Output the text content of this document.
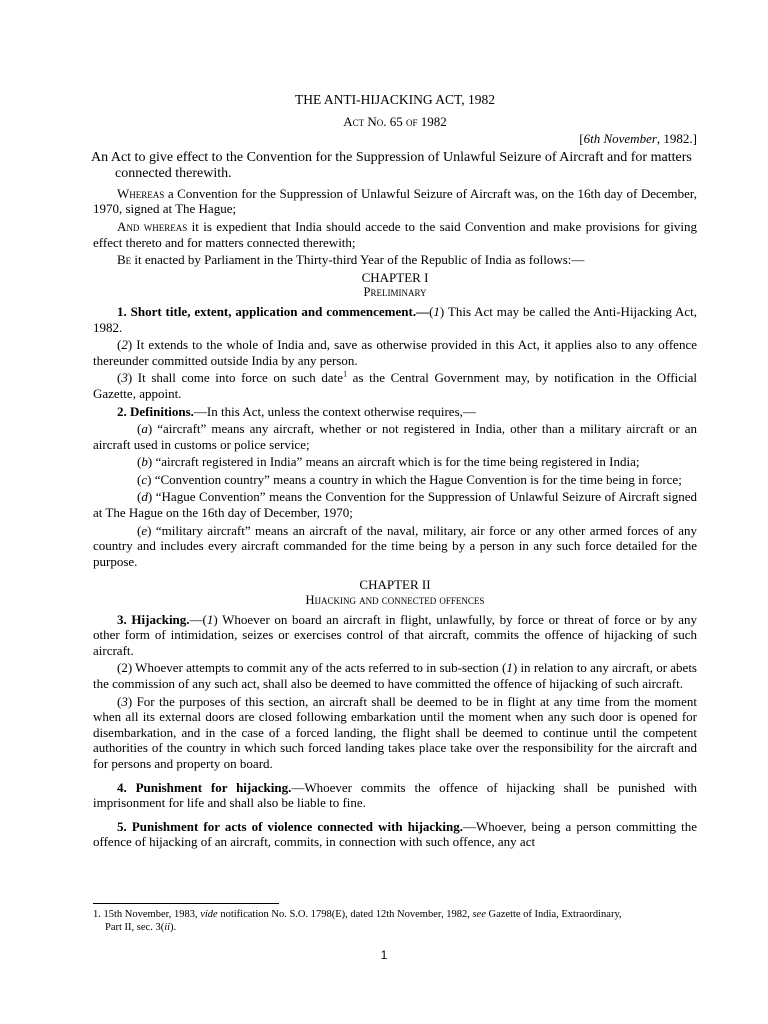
THE ANTI-HIJACKING ACT, 1982
Act No. 65 of 1982
[6th November, 1982.]
An Act to give effect to the Convention for the Suppression of Unlawful Seizure of Aircraft and for matters connected therewith.

Whereas a Convention for the Suppression of Unlawful Seizure of Aircraft was, on the 16th day of December, 1970, signed at The Hague;

And whereas it is expedient that India should accede to the said Convention and make provisions for giving effect thereto and for matters connected therewith;

Be it enacted by Parliament in the Thirty-third Year of the Republic of India as follows:—

CHAPTER I
Preliminary

1. Short title, extent, application and commencement.—(1) This Act may be called the Anti-Hijacking Act, 1982.

(2) It extends to the whole of India and, save as otherwise provided in this Act, it applies also to any offence thereunder committed outside India by any person.

(3) It shall come into force on such date$^1$ as the Central Government may, by notification in the Official Gazette, appoint.

2. Definitions.—In this Act, unless the context otherwise requires,—

(a) “aircraft” means any aircraft, whether or not registered in India, other than a military aircraft or an aircraft used in customs or police service;

(b) “aircraft registered in India” means an aircraft which is for the time being registered in India;

(c) “Convention country” means a country in which the Hague Convention is for the time being in force;

(d) “Hague Convention” means the Convention for the Suppression of Unlawful Seizure of Aircraft signed at The Hague on the 16th day of December, 1970;

(e) “military aircraft” means an aircraft of the naval, military, air force or any other armed forces of any country and includes every aircraft commanded for the time being by a person in any such force detailed for the purpose.

CHAPTER II
Hijacking and connected offences

3. Hijacking.—(1) Whoever on board an aircraft in flight, unlawfully, by force or threat of force or by any other form of intimidation, seizes or exercises control of that aircraft, commits the offence of hijacking of such aircraft.

(2) Whoever attempts to commit any of the acts referred to in sub-section (1) in relation to any aircraft, or abets the commission of any such act, shall also be deemed to have committed the offence of hijacking of such aircraft.

(3) For the purposes of this section, an aircraft shall be deemed to be in flight at any time from the moment when all its external doors are closed following embarkation until the moment when any such door is opened for disembarkation, and in the case of a forced landing, the flight shall be deemed to continue until the competent authorities of the country in which such forced landing takes place take over the responsibility for the aircraft and for persons and property on board.

4. Punishment for hijacking.—Whoever commits the offence of hijacking shall be punished with imprisonment for life and shall also be liable to fine.

5. Punishment for acts of violence connected with hijacking.—Whoever, being a person committing the offence of hijacking of an aircraft, commits, in connection with such offence, any act

1. 15th November, 1983, vide notification No. S.O. 1798(E), dated 12th November, 1982, see Gazette of India, Extraordinary,
Part II, sec. 3(ii).
1
